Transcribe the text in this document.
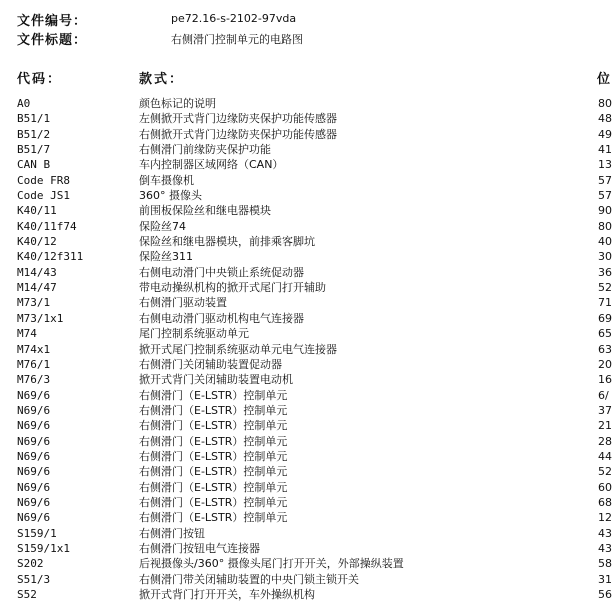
文件编号：	pe72.16-s-2102-97vda
文件标题：	右侧滑门控制单元的电路图
代码：	款式：	位
A0	颜色标记的说明	80
B51/1	左侧掀开式背门边缘防夹保护功能传感器	48
B51/2	右侧掀开式背门边缘防夹保护功能传感器	49
B51/7	右侧滑门前缘防夹保护功能	41
CAN B	车内控制器区域网络（CAN）	13
Code FR8	倒车摄像机	57
Code JS1	360° 摄像头	57
K40/11	前围板保险丝和继电器模块	90
K40/11f74	保险丝74	80
K40/12	保险丝和继电器模块，前排乘客脚坑	40
K40/12f311	保险丝311	30
M14/43	右侧电动滑门中央锁止系统促动器	36
M14/47	带电动操纵机构的掀开式尾门打开辅助	52
M73/1	右侧滑门驱动装置	71
M73/1x1	右侧电动滑门驱动机构电气连接器	69
M74	尾门控制系统驱动单元	65
M74x1	掀开式尾门控制系统驱动单元电气连接器	63
M76/1	右侧滑门关闭辅助装置促动器	20
M76/3	掀开式背门关闭辅助装置电动机	16
N69/6	右侧滑门（E-LSTR）控制单元	6/
N69/6	右侧滑门（E-LSTR）控制单元	37
N69/6	右侧滑门（E-LSTR）控制单元	21
N69/6	右侧滑门（E-LSTR）控制单元	28
N69/6	右侧滑门（E-LSTR）控制单元	44
N69/6	右侧滑门（E-LSTR）控制单元	52
N69/6	右侧滑门（E-LSTR）控制单元	60
N69/6	右侧滑门（E-LSTR）控制单元	68
N69/6	右侧滑门（E-LSTR）控制单元	12
S159/1	右侧滑门按钮	43
S159/1x1	右侧滑门按钮电气连接器	43
S202	后视摄像头/360° 摄像头尾门打开开关，外部操纵装置	58
S51/3	右侧滑门带关闭辅助装置的中央门锁主锁开关	31
S52	掀开式背门打开开关，车外操纵机构	56
